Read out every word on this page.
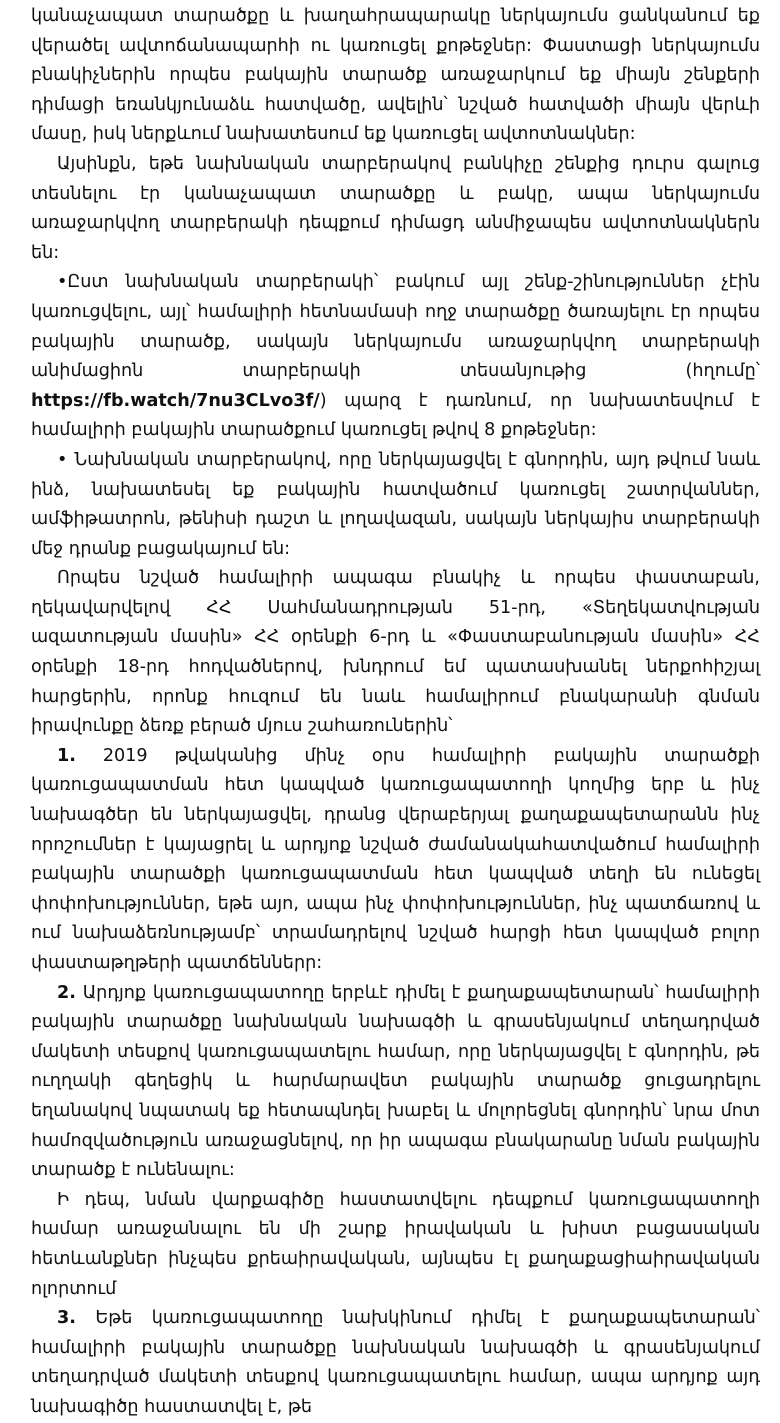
կանաչապատ տարածքը և խաղահրապարակը ներկայումս ցանկանում եք վերածել ավտոճանապարհի ու կառուցել քոթեջներ: Փաստացի ներկայումս բնակիչներին որպես բակային տարածք առաջարկում եք միայն շենքերի դիմացի եռանկյունաձև հատվածը, ավելին՝ նշված հատվածի միայն վերևի մասը, իսկ ներքևում նախատեսում եք կառուցել ավտոտնակներ:

Այսինքն, եթե նախնական տարբերակով բանկիչը շենքից դուրս գալուց տեսնելու էր կանաչապատ տարածքը և բակը, ապա ներկայումս առաջարկվող տարբերակի դեպքում դիմացդ անմիջապես ավտոտնակներն են:

•Ըստ նախնական տարբերակի՝ բակում այլ շենք-շինություններ չէին կառուցվելու, այլ՝ համալիրի հետնամասի ողջ տարածքը ծառայելու էր որպես բակային տարածք, սակայն ներկայումս առաջարկվող տարբերակի անիմացիոն տարբերակի տեսանյութից (հղումը՝ https://fb.watch/7nu3CLvo3f/) պարզ է դառնում, որ նախատեսվում է համալիրի բակային տարածքում կառուցել թվով 8 քոթեջներ:

• Նախնական տարբերակով, որը ներկայացվել է գնորդին, այդ թվում նաև ինձ, նախատեսել եք բակային հատվածում կառուցել շատրվաններ, ամֆիթատրոն, թենիսի դաշտ և լողավազան, սակայն ներկայիս տարբերակի մեջ դրանք բացակայում են:

Որպես նշված համալիրի ապագա բնակիչ և որպես փաստաբան, ղեկավարվելով ՀՀ Սահմանադրության 51-րդ, «Տեղեկատվության ազատության մասին» ՀՀ օրենքի 6-րդ և «Փաստաբանության մասին» ՀՀ օրենքի 18-րդ հոդվածներով, խնդրում եմ պատասխանել ներքոհիշյալ հարցերին, որոնք հուզում են նաև համալիրում բնակարանի գնման իրավունքը ձեռք բերած մյուս շահառուներին՝

1. 2019 թվականից մինչ օրս համալիրի բակային տարածքի կառուցապատման հետ կապված կառուցապատողի կողմից երբ և ինչ նախագծեր են ներկայացվել, դրանց վերաբերյալ քաղաքապետարանն ինչ որոշումներ է կայացրել և արդյոք նշված ժամանակահատվածում համալիրի բակային տարածքի կառուցապատման հետ կապված տեղի են ունեցել փոփոխություններ, եթե այո, ապա ինչ փոփոխություններ, ինչ պատճառով և ում նախաձեռնությամբ՝ տրամադրելով նշված հարցի հետ կապված բոլոր փաստաթղթերի պատճեններր:

2. Արդյոք կառուցապատողը երբևէ դիմել է քաղաքապետարան՝ համալիրի բակային տարածքը նախնական նախագծի և գրասենյակում տեղադրված մակետի տեսքով կառուցապատելու համար, որը ներկայացվել է գնորդին, թե ուղղակի գեղեցիկ և հարմարավետ բակային տարածք ցուցադրելու եղանակով նպատակ եք հետապնդել խաբել և մոլորեցնել գնորդին՝ նրա մոտ համոզվածություն առաջացնելով, որ իր ապագա բնակարանը նման բակային տարածք է ունենալու:

Ի դեպ, նման վարքագիծը հաստատվելու դեպքում կառուցապատողի համար առաջանալու են մի շարք իրավական և խիստ բացասական հետևանքներ ինչպես քրեաիրավական, այնպես էլ քաղաքացիաիրավական ոլորտում

3. Եթե կառուցապատողը նախկինում դիմել է քաղաքապետարան՝ համալիրի բակային տարածքը նախնական նախագծի և գրասենյակում տեղադրված մակետի տեսքով կառուցապատելու համար, ապա արդյոք այդ նախագիծը հաստատվել է, թե
